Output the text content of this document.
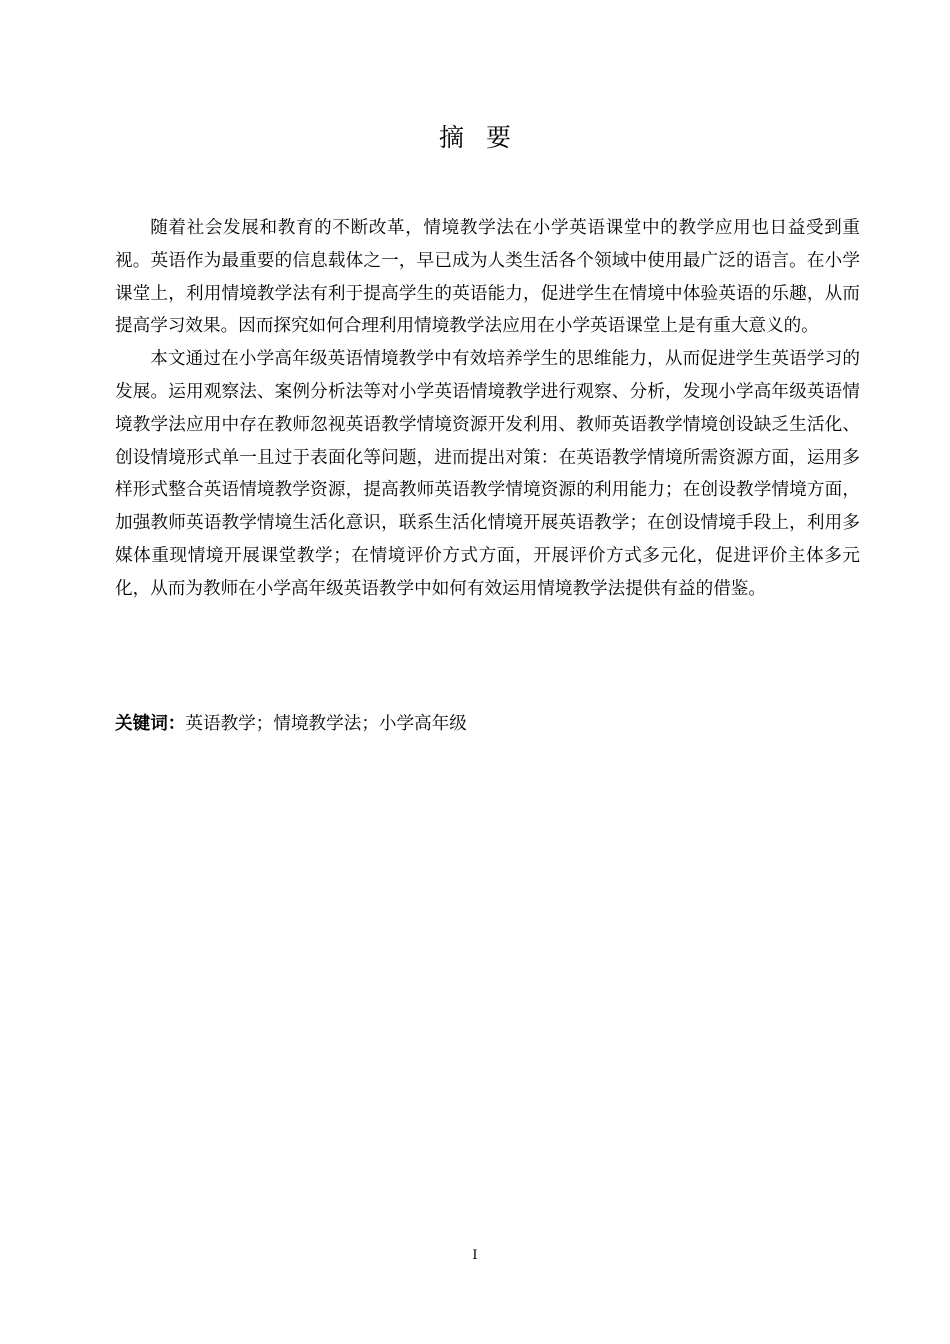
摘要

随着社会发展和教育的不断改革，情境教学法在小学英语课堂中的教学应用也日益受到重视。英语作为最重要的信息载体之一，早已成为人类生活各个领域中使用最广泛的语言。在小学课堂上，利用情境教学法有利于提高学生的英语能力，促进学生在情境中体验英语的乐趣，从而提高学习效果。因而探究如何合理利用情境教学法应用在小学英语课堂上是有重大意义的。

本文通过在小学高年级英语情境教学中有效培养学生的思维能力，从而促进学生英语学习的发展。运用观察法、案例分析法等对小学英语情境教学进行观察、分析，发现小学高年级英语情境教学法应用中存在教师忽视英语教学情境资源开发利用、教师英语教学情境创设缺乏生活化、创设情境形式单一且过于表面化等问题，进而提出对策：在英语教学情境所需资源方面，运用多样形式整合英语情境教学资源，提高教师英语教学情境资源的利用能力；在创设教学情境方面，加强教师英语教学情境生活化意识，联系生活化情境开展英语教学；在创设情境手段上，利用多媒体重现情境开展课堂教学；在情境评价方式方面，开展评价方式多元化，促进评价主体多元化，从而为教师在小学高年级英语教学中如何有效运用情境教学法提供有益的借鉴。

关键词：英语教学；情境教学法；小学高年级
I
